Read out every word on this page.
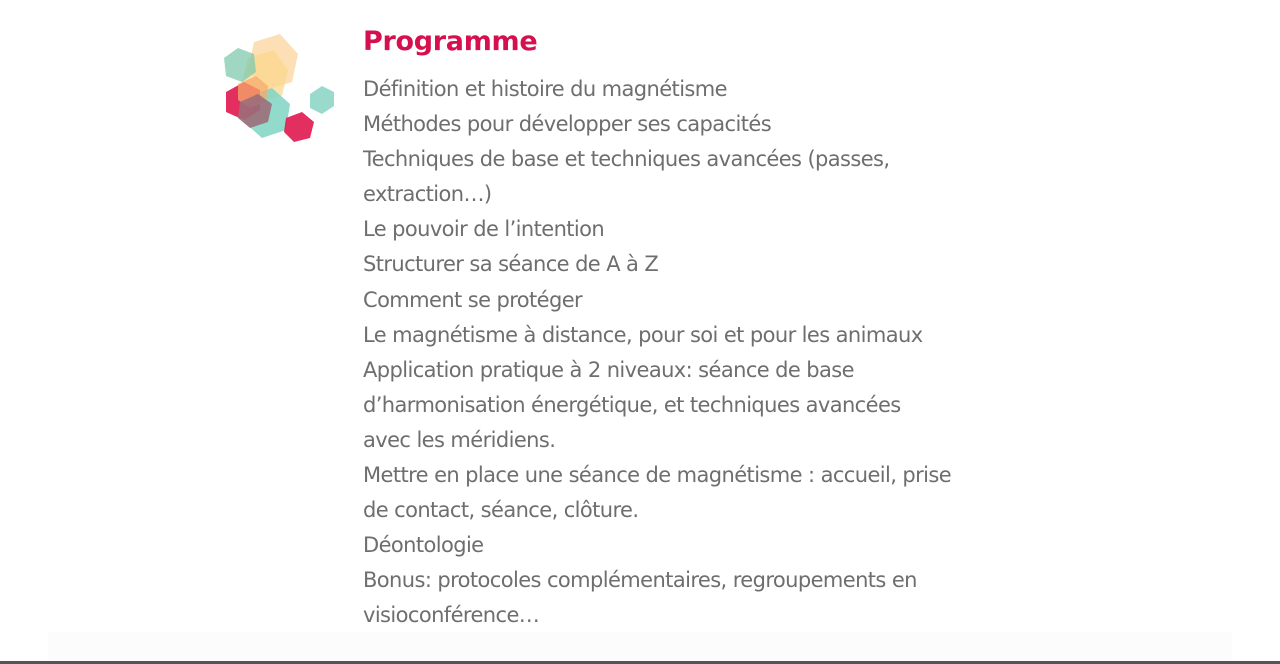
Programme
Définition et histoire du magnétisme
Méthodes pour développer ses capacités
Techniques de base et techniques avancées (passes,
extraction…)
Le pouvoir de l’intention
Structurer sa séance de A à Z
Comment se protéger
Le magnétisme à distance, pour soi et pour les animaux
Application pratique à 2 niveaux: séance de base
d’harmonisation énergétique, et techniques avancées
avec les méridiens.
Mettre en place une séance de magnétisme : accueil, prise
de contact, séance, clôture.
Déontologie
Bonus: protocoles complémentaires, regroupements en
visioconférence…
